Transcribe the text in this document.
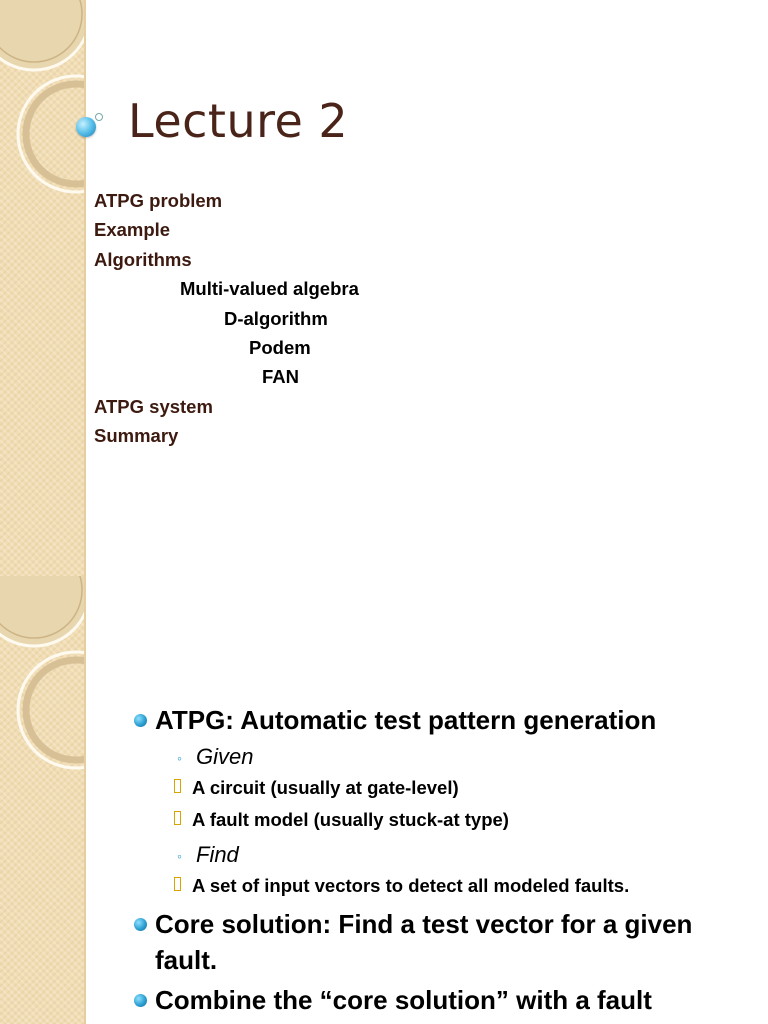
Lecture 2
ATPG problem
Example
Algorithms
Multi-valued algebra
D-algorithm
Podem
FAN
ATPG system
Summary
ATPG: Automatic test pattern generation
◦ Given
A circuit (usually at gate-level)
A fault model (usually stuck-at type)
◦ Find
A set of input vectors to detect all modeled faults.
Core solution: Find a test vector for a given fault.
Combine the “core solution” with a fault
